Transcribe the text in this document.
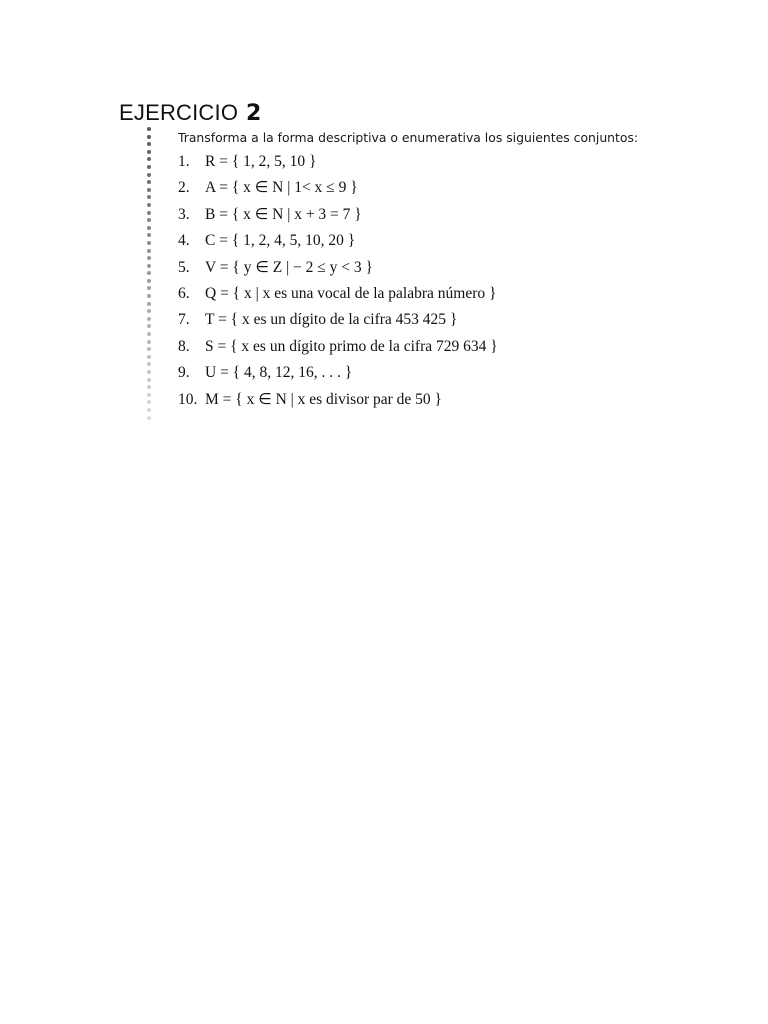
EJERCICIO 2

Transforma a la forma descriptiva o enumerativa los siguientes conjuntos:

1. R = { 1, 2, 5, 10 }
2. A = { x ∈ N | 1< x ≤ 9 }
3. B = { x ∈ N | x + 3 = 7 }
4. C = { 1, 2, 4, 5, 10, 20 }
5. V = { y ∈ Z | − 2 ≤ y < 3 }
6. Q = { x | x es una vocal de la palabra número }
7. T = { x es un dígito de la cifra 453 425 }
8. S = { x es un dígito primo de la cifra 729 634 }
9. U = { 4, 8, 12, 16, . . . }
10. M = { x ∈ N | x es divisor par de 50 }
